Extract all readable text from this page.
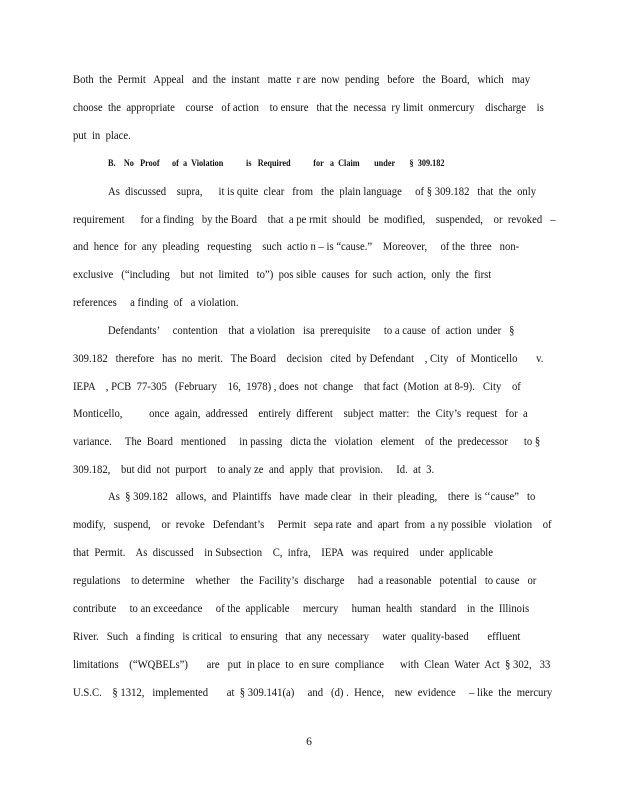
Both  the  Permit   Appeal   and  the  instant   matte  r are  now  pending   before   the  Board,   which   may
choose  the  appropriate    course   of action    to ensure   that the  necessa  ry limit  onmercury    discharge    is
put  in  place.
B.    No   Proof      of  a  Violation           is   Required           for   a  Claim       under       §  309.182
As  discussed    supra,      it is quite  clear   from   the  plain language     of § 309.182   that  the  only
requirement      for a finding   by the Board    that  a pe rmit  should   be  modified,    suspended,    or  revoked   –
and  hence  for  any  pleading   requesting    such  actio n – is “cause.”    Moreover,     of the  three   non-
exclusive   (“including    but  not  limited   to”)  pos sible  causes  for  such  action,  only  the  first
references     a finding  of   a violation.
Defendants’     contention    that  a violation   isa  prerequisite     to a cause  of  action  under   §
309.182   therefore   has  no  merit.   The Board    decision   cited  by Defendant    , City   of  Monticello       v.
IEPA    , PCB  77-305   (February    16,  1978) , does  not  change    that fact  (Motion  at 8-9).   City    of
Monticello,          once  again,  addressed    entirely  different    subject  matter:   the  City’s  request   for  a
variance.     The  Board   mentioned     in passing   dicta the   violation   element    of  the  predecessor      to §
309.182,    but did  not  purport    to analy ze  and  apply  that  provision.     Id.  at  3.
As  § 309.182   allows,  and  Plaintiffs   have  made clear   in  their  pleading,    there  is ‘‘cause”   to
modify,   suspend,    or  revoke   Defendant’s     Permit   sepa rate  and  apart  from  a ny possible   violation    of
that  Permit.    As  discussed    in Subsection    C,  infra,    IEPA   was  required    under  applicable
regulations    to determine    whether    the  Facility’s  discharge     had  a reasonable   potential   to cause   or
contribute     to an exceedance     of the  applicable     mercury     human  health   standard    in  the  Illinois
River.   Such   a finding   is critical   to ensuring   that  any  necessary     water  quality-based       effluent
limitations    (“WQBELs”)       are   put  in place  to  en sure  compliance      with  Clean  Water  Act  § 302,   33
U.S.C.    § 1312,   implemented       at  § 309.141(a)     and   (d) .  Hence,    new  evidence     – like  the  mercury
6
